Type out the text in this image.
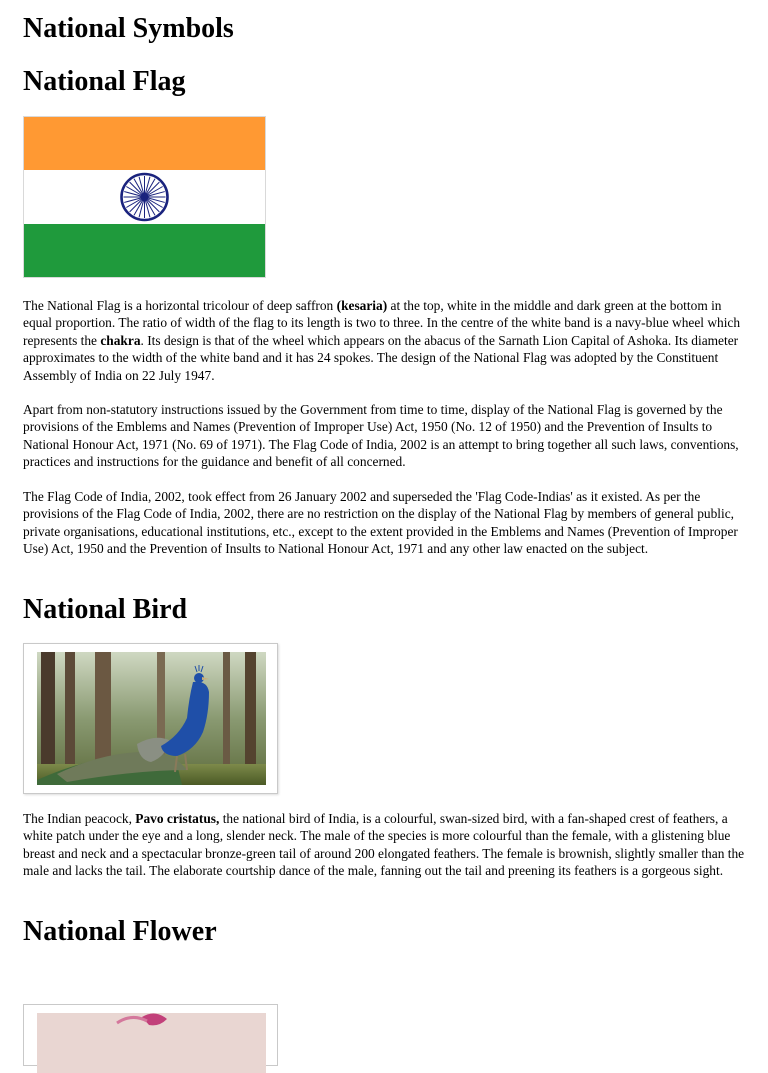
National Symbols
National Flag

The National Flag is a horizontal tricolour of deep saffron (kesaria) at the top, white in the middle and dark green at the bottom in equal proportion. The ratio of width of the flag to its length is two to three. In the centre of the white band is a navy-blue wheel which represents the chakra. Its design is that of the wheel which appears on the abacus of the Sarnath Lion Capital of Ashoka. Its diameter approximates to the width of the white band and it has 24 spokes. The design of the National Flag was adopted by the Constituent Assembly of India on 22 July 1947.

Apart from non-statutory instructions issued by the Government from time to time, display of the National Flag is governed by the provisions of the Emblems and Names (Prevention of Improper Use) Act, 1950 (No. 12 of 1950) and the Prevention of Insults to National Honour Act, 1971 (No. 69 of 1971). The Flag Code of India, 2002 is an attempt to bring together all such laws, conventions, practices and instructions for the guidance and benefit of all concerned.

The Flag Code of India, 2002, took effect from 26 January 2002 and superseded the 'Flag Code-Indias' as it existed. As per the provisions of the Flag Code of India, 2002, there are no restriction on the display of the National Flag by members of general public, private organisations, educational institutions, etc., except to the extent provided in the Emblems and Names (Prevention of Improper Use) Act, 1950 and the Prevention of Insults to National Honour Act, 1971 and any other law enacted on the subject.

National Bird

The Indian peacock, Pavo cristatus, the national bird of India, is a colourful, swan-sized bird, with a fan-shaped crest of feathers, a white patch under the eye and a long, slender neck. The male of the species is more colourful than the female, with a glistening blue breast and neck and a spectacular bronze-green tail of around 200 elongated feathers. The female is brownish, slightly smaller than the male and lacks the tail. The elaborate courtship dance of the male, fanning out the tail and preening its feathers is a gorgeous sight.

National Flower
